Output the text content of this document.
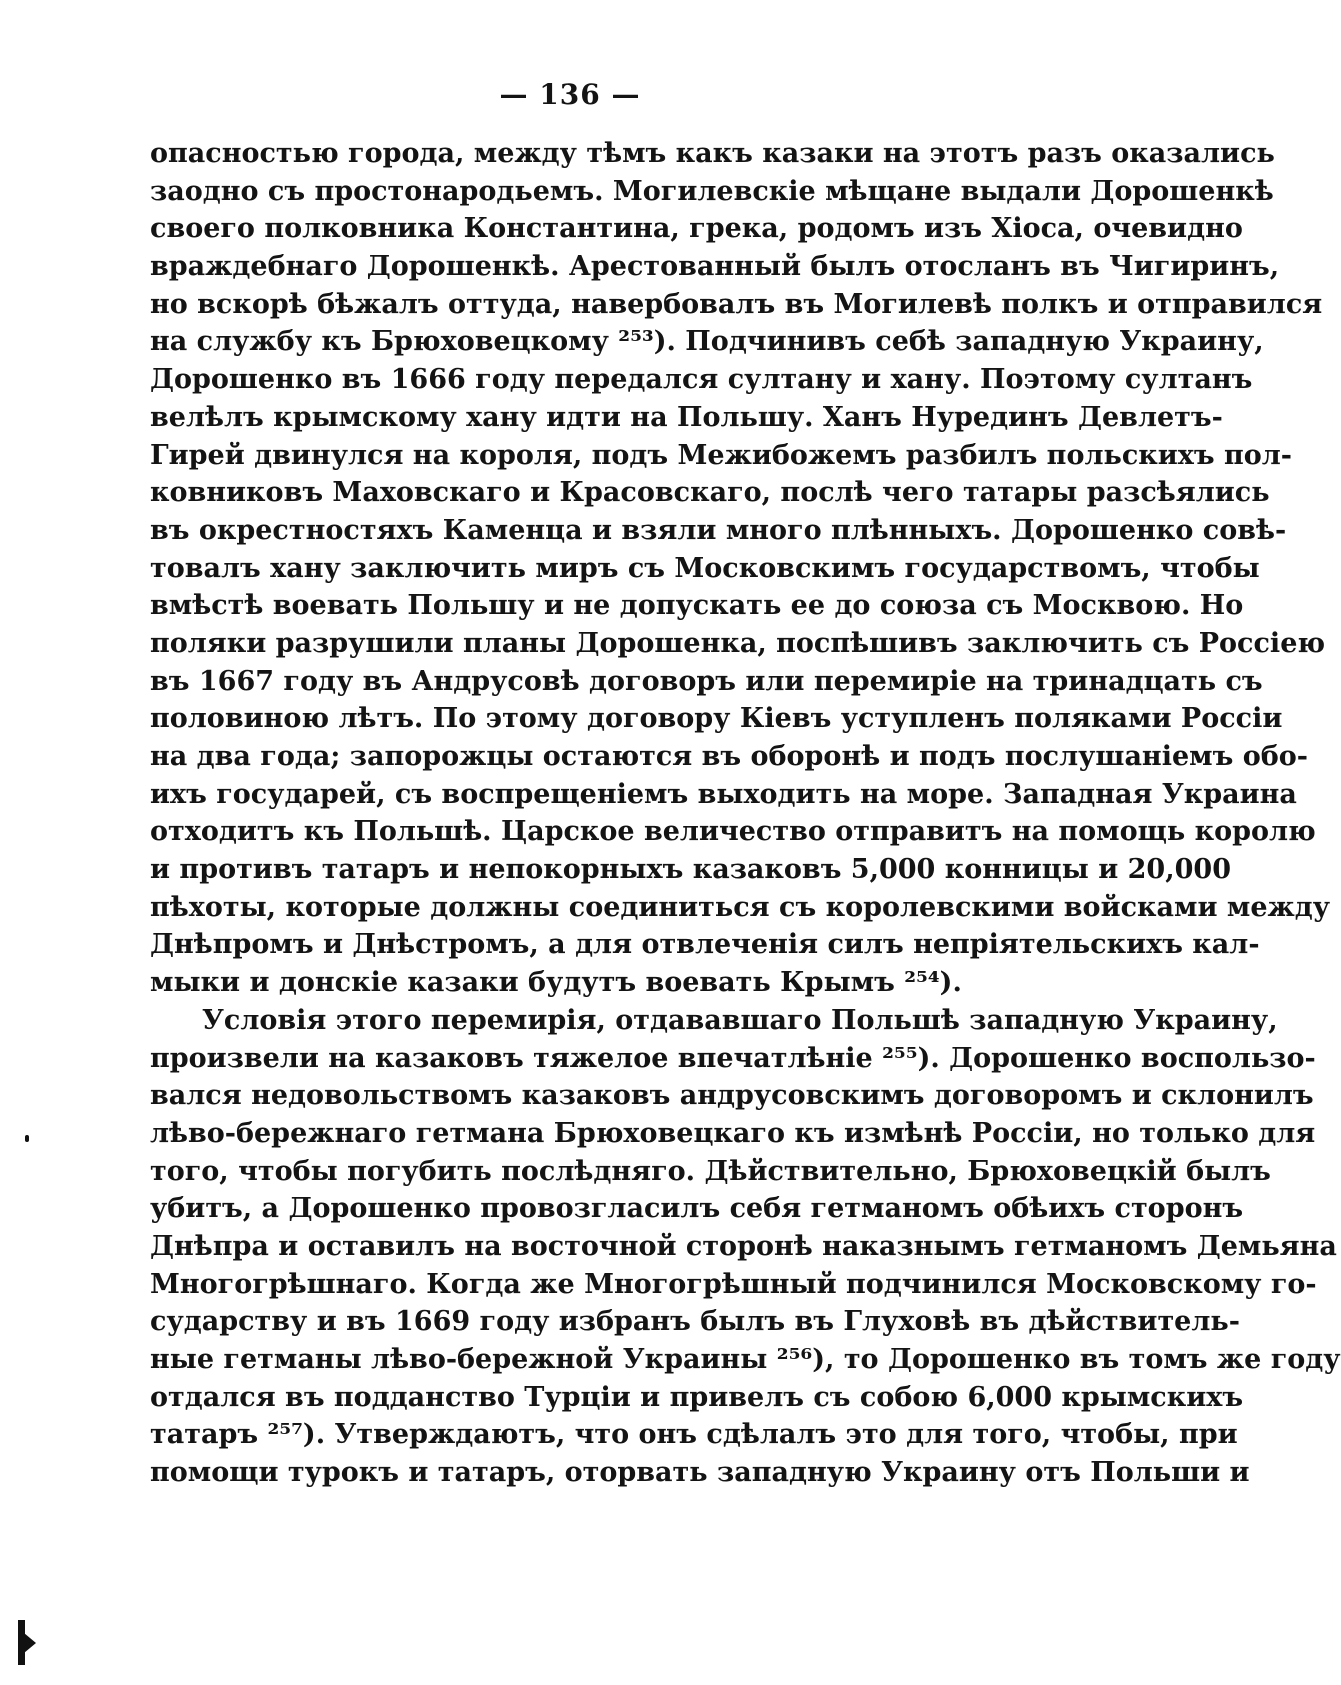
— 136 —
опасностью города, между тѣмъ какъ казаки на этотъ разъ оказались
заодно съ простонародьемъ. Могилевскіе мѣщане выдали Дорошенкѣ
своего полковника Константина, грека, родомъ изъ Хіоса, очевидно
враждебнаго Дорошенкѣ. Арестованный былъ отосланъ въ Чигиринъ,
но вскорѣ бѣжалъ оттуда, навербовалъ въ Могилевѣ полкъ и отправился
на службу къ Брюховецкому ²⁵³). Подчинивъ себѣ западную Украину,
Дорошенко въ 1666 году передался султану и хану. Поэтому султанъ
велѣлъ крымскому хану идти на Польшу. Ханъ Нурединъ Девлетъ-
Гирей двинулся на короля, подъ Межибожемъ разбилъ польскихъ пол-
ковниковъ Маховскаго и Красовскаго, послѣ чего татары разсѣялись
въ окрестностяхъ Каменца и взяли много плѣнныхъ. Дорошенко совѣ-
товалъ хану заключить миръ съ Московскимъ государствомъ, чтобы
вмѣстѣ воевать Польшу и не допускать ее до союза съ Москвою. Но
поляки разрушили планы Дорошенка, поспѣшивъ заключить съ Россіею
въ 1667 году въ Андрусовѣ договоръ или перемиріе на тринадцать съ
половиною лѣтъ. По этому договору Кіевъ уступленъ поляками Россіи
на два года; запорожцы остаются въ оборонѣ и подъ послушаніемъ обо-
ихъ государей, съ воспрещеніемъ выходить на море. Западная Украина
отходитъ къ Польшѣ. Царское величество отправитъ на помощь королю
и противъ татаръ и непокорныхъ казаковъ 5,000 конницы и 20,000
пѣхоты, которые должны соединиться съ королевскими войсками между
Днѣпромъ и Днѣстромъ, а для отвлеченія силъ непріятельскихъ кал-
мыки и донскіе казаки будутъ воевать Крымъ ²⁵⁴).
Условія этого перемирія, отдававшаго Польшѣ западную Украину,
произвели на казаковъ тяжелое впечатлѣніе ²⁵⁵). Дорошенко воспользо-
вался недовольствомъ казаковъ андрусовскимъ договоромъ и склонилъ
лѣво-бережнаго гетмана Брюховецкаго къ измѣнѣ Россіи, но только для
того, чтобы погубить послѣдняго. Дѣйствительно, Брюховецкій былъ
убитъ, а Дорошенко провозгласилъ себя гетманомъ обѣихъ сторонъ
Днѣпра и оставилъ на восточной сторонѣ наказнымъ гетманомъ Демьяна
Многогрѣшнаго. Когда же Многогрѣшный подчинился Московскому го-
сударству и въ 1669 году избранъ былъ въ Глуховѣ въ дѣйствитель-
ные гетманы лѣво-бережной Украины ²⁵⁶), то Дорошенко въ томъ же году
отдался въ подданство Турціи и привелъ съ собою 6,000 крымскихъ
татаръ ²⁵⁷). Утверждаютъ, что онъ сдѣлалъ это для того, чтобы, при
помощи турокъ и татаръ, оторвать западную Украину отъ Польши и
